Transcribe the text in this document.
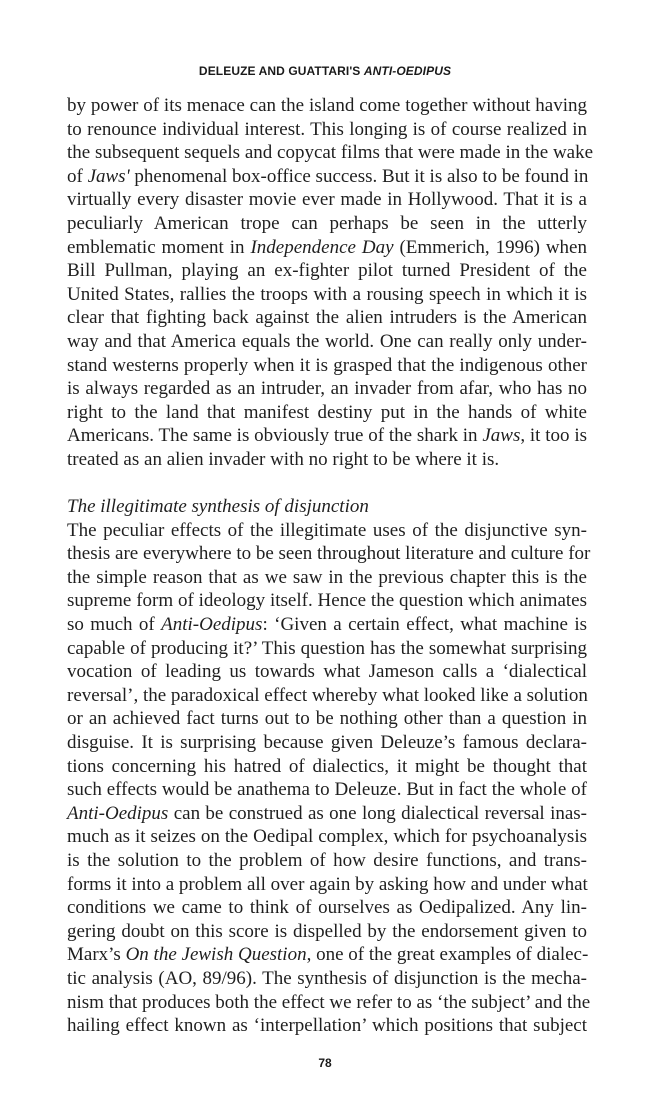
DELEUZE AND GUATTARI'S ANTI-OEDIPUS

by power of its menace can the island come together without having
to renounce individual interest. This longing is of course realized in
the subsequent sequels and copycat films that were made in the wake
of Jaws' phenomenal box-office success. But it is also to be found in
virtually every disaster movie ever made in Hollywood. That it is a
peculiarly American trope can perhaps be seen in the utterly
emblematic moment in Independence Day (Emmerich, 1996) when
Bill Pullman, playing an ex-fighter pilot turned President of the
United States, rallies the troops with a rousing speech in which it is
clear that fighting back against the alien intruders is the American
way and that America equals the world. One can really only under-
stand westerns properly when it is grasped that the indigenous other
is always regarded as an intruder, an invader from afar, who has no
right to the land that manifest destiny put in the hands of white
Americans. The same is obviously true of the shark in Jaws, it too is
treated as an alien invader with no right to be where it is.
The illegitimate synthesis of disjunction
The peculiar effects of the illegitimate uses of the disjunctive syn-
thesis are everywhere to be seen throughout literature and culture for
the simple reason that as we saw in the previous chapter this is the
supreme form of ideology itself. Hence the question which animates
so much of Anti-Oedipus: ‘Given a certain effect, what machine is
capable of producing it?’ This question has the somewhat surprising
vocation of leading us towards what Jameson calls a ‘dialectical
reversal’, the paradoxical effect whereby what looked like a solution
or an achieved fact turns out to be nothing other than a question in
disguise. It is surprising because given Deleuze’s famous declara-
tions concerning his hatred of dialectics, it might be thought that
such effects would be anathema to Deleuze. But in fact the whole of
Anti-Oedipus can be construed as one long dialectical reversal inas-
much as it seizes on the Oedipal complex, which for psychoanalysis
is the solution to the problem of how desire functions, and trans-
forms it into a problem all over again by asking how and under what
conditions we came to think of ourselves as Oedipalized. Any lin-
gering doubt on this score is dispelled by the endorsement given to
Marx’s On the Jewish Question, one of the great examples of dialec-
tic analysis (AO, 89/96). The synthesis of disjunction is the mecha-
nism that produces both the effect we refer to as ‘the subject’ and the
hailing effect known as ‘interpellation’ which positions that subject

78
